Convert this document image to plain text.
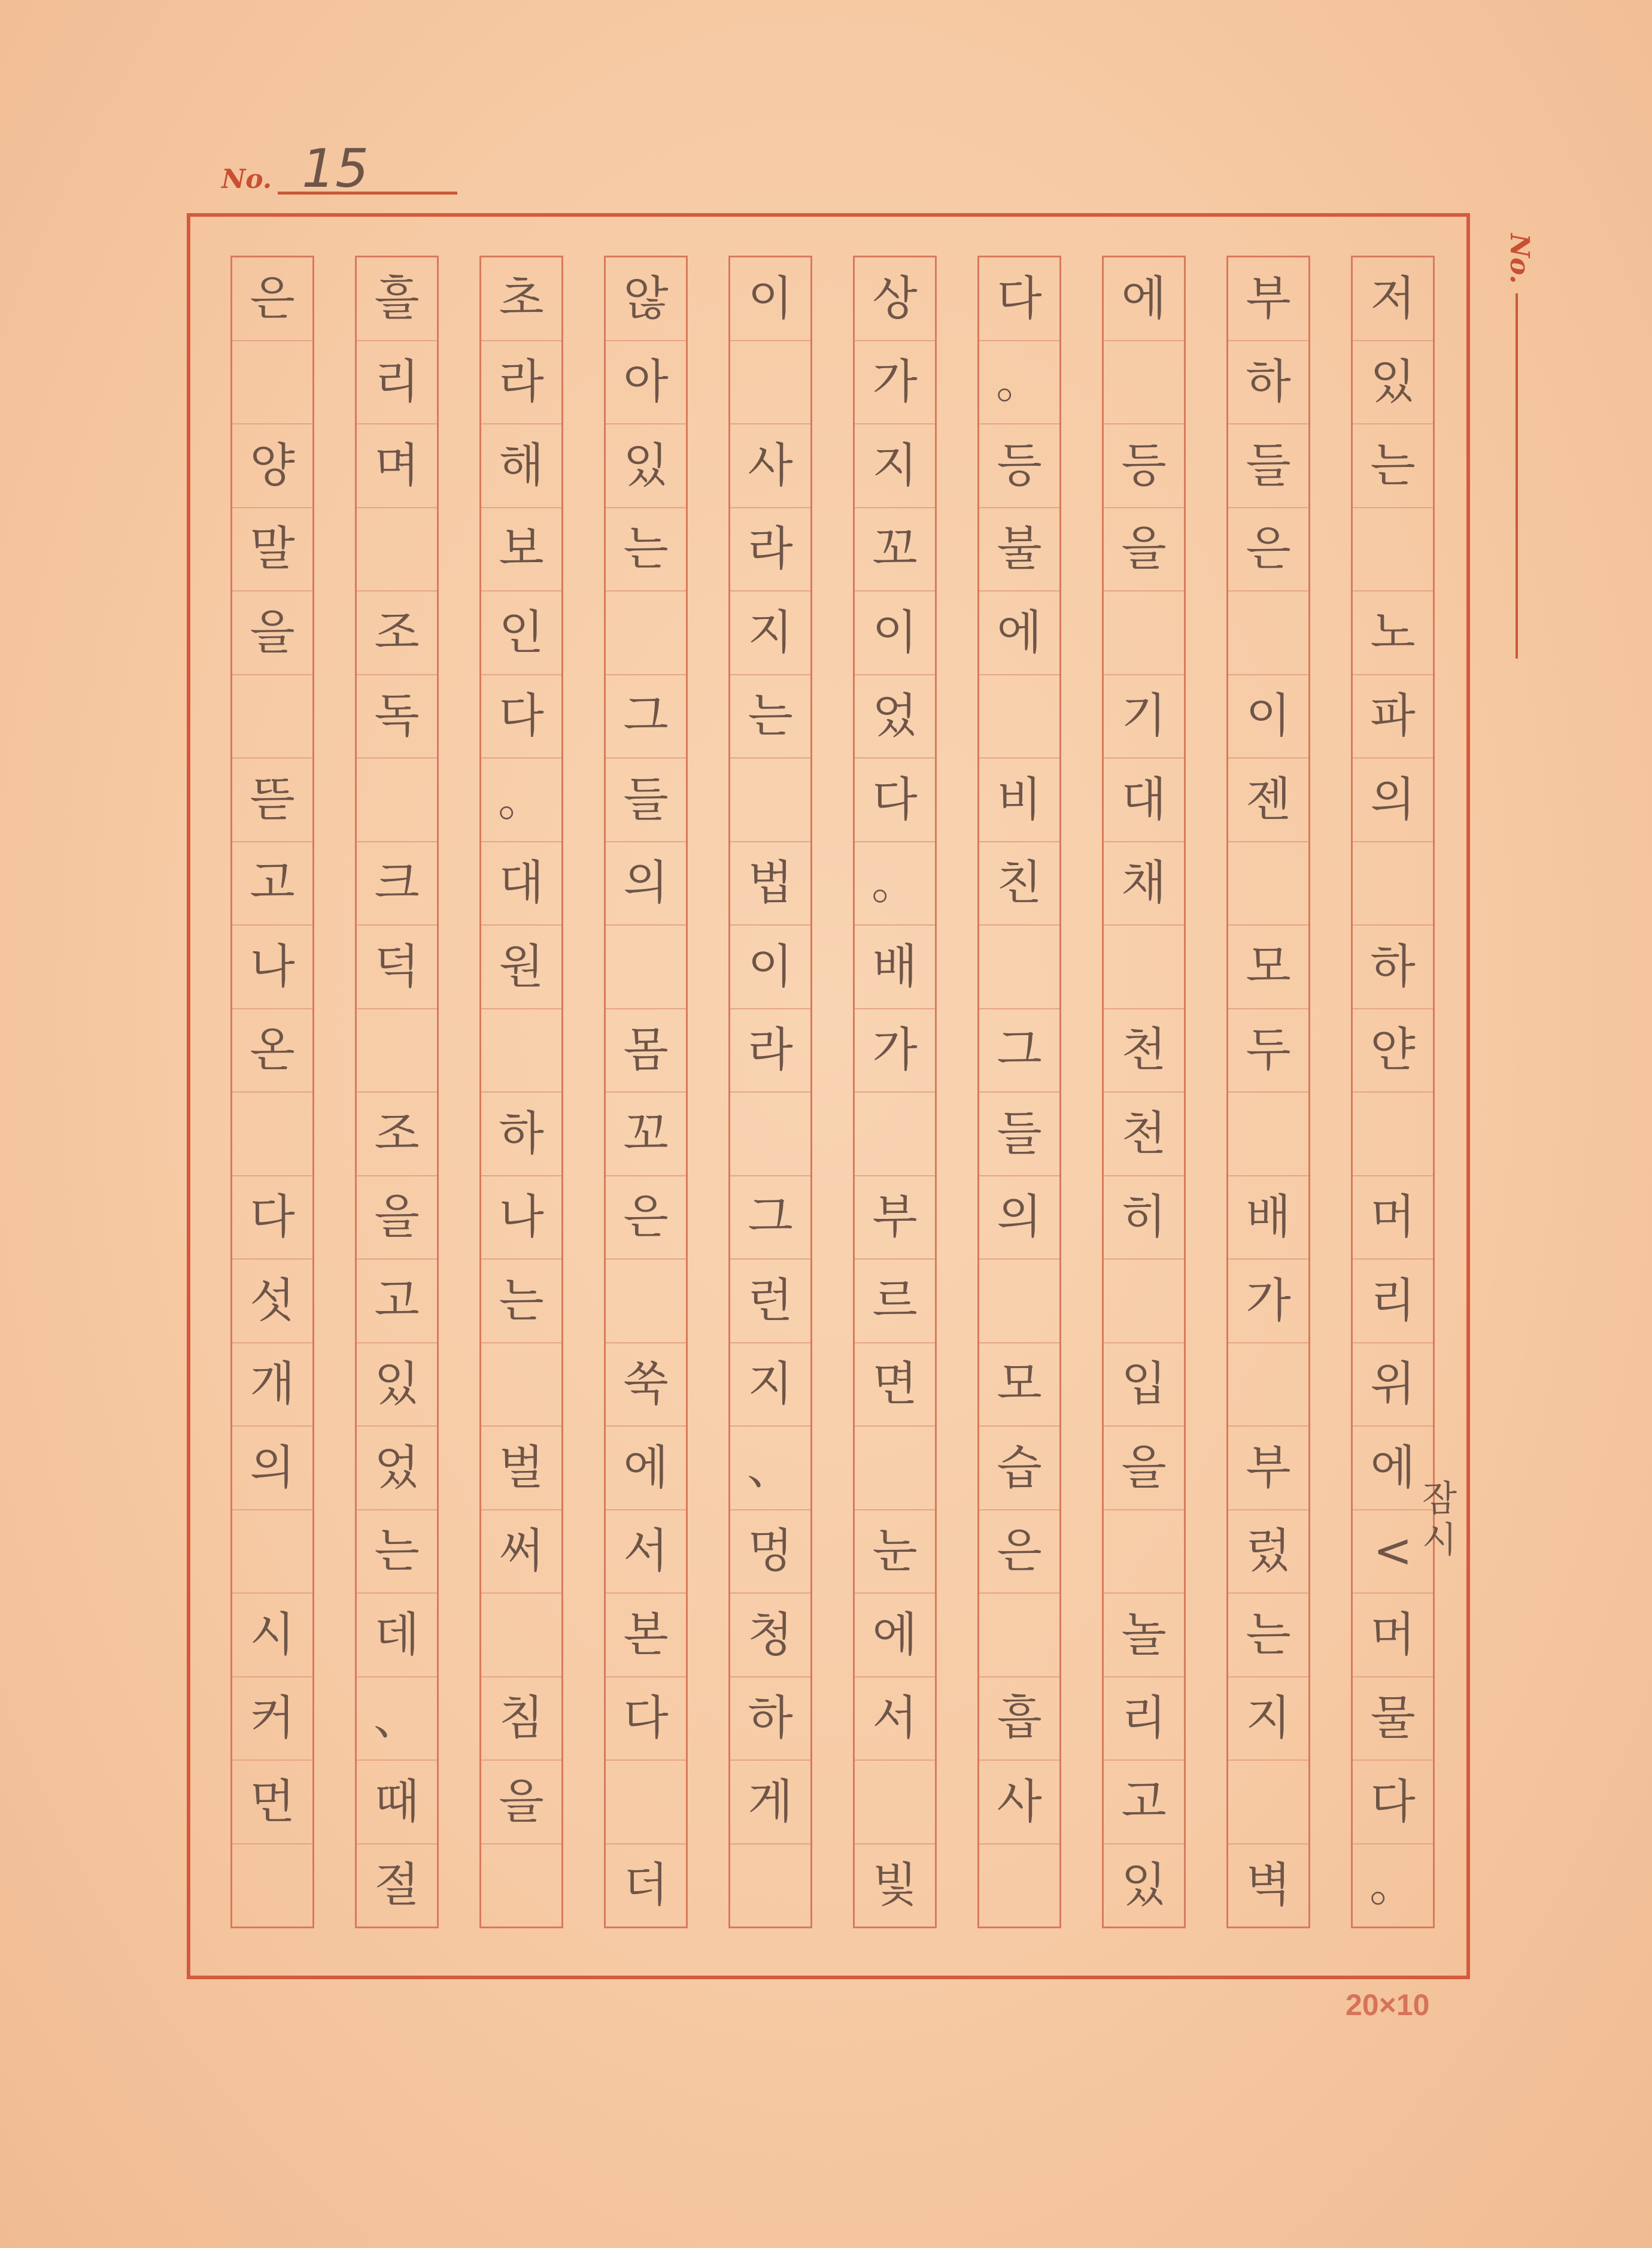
No. 15
No.
저
있
는
노
파
의
하
얀
머
리
위
에
<
머
물
다
。
부
하
들
은
이
젠
모
두
배
가
부
렀
는
지
벽
에
등
을
기
대
채
천
천
히
입
을
놀
리
고
있
다
。
등
불
에
비
친
그
들
의
모
습
은
흡
사
상
가
지
꼬
이
었
다
。
배
가
부
르
면
눈
에
서
빛
이
사
라
지
는
법
이
라
그
런
지
、
멍
청
하
게
않
아
있
는
그
들
의
몸
꼬
은
쑥
에
서
본
다
더
초
라
해
보
인
다
。
대
원
하
나
는
벌
써
침
을
흘
리
며
조
독
크
덕
조
을
고
있
었
는
데
、
때
절
은
양
말
을
뜯
고
나
온
다
섯
개
의
시
커
먼
잠
시
20×10
